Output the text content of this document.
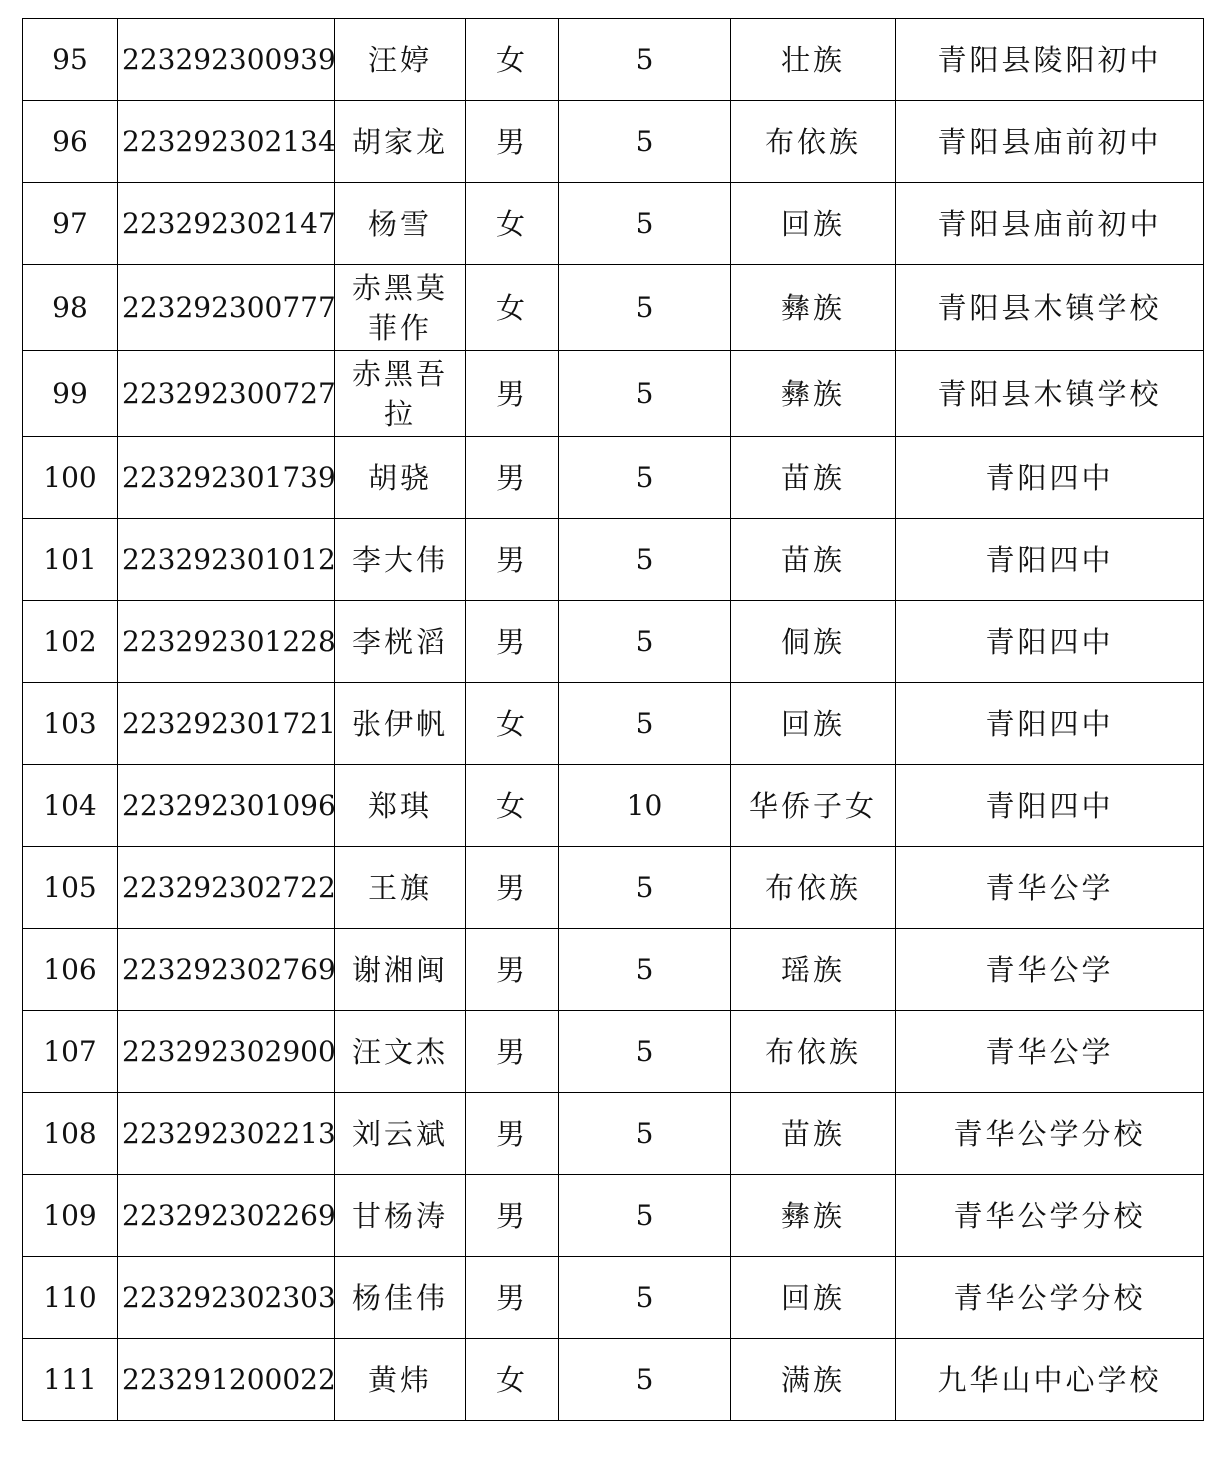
95	223292300939	汪婷	女	5	壮族	青阳县陵阳初中
96	223292302134	胡家龙	男	5	布依族	青阳县庙前初中
97	223292302147	杨雪	女	5	回族	青阳县庙前初中
98	223292300777	赤黑莫菲作	女	5	彝族	青阳县木镇学校
99	223292300727	赤黑吾拉	男	5	彝族	青阳县木镇学校
100	223292301739	胡骁	男	5	苗族	青阳四中
101	223292301012	李大伟	男	5	苗族	青阳四中
102	223292301228	李桄滔	男	5	侗族	青阳四中
103	223292301721	张伊帆	女	5	回族	青阳四中
104	223292301096	郑琪	女	10	华侨子女	青阳四中
105	223292302722	王旗	男	5	布依族	青华公学
106	223292302769	谢湘闽	男	5	瑶族	青华公学
107	223292302900	汪文杰	男	5	布依族	青华公学
108	223292302213	刘云斌	男	5	苗族	青华公学分校
109	223292302269	甘杨涛	男	5	彝族	青华公学分校
110	223292302303	杨佳伟	男	5	回族	青华公学分校
111	223291200022	黄炜	女	5	满族	九华山中心学校
